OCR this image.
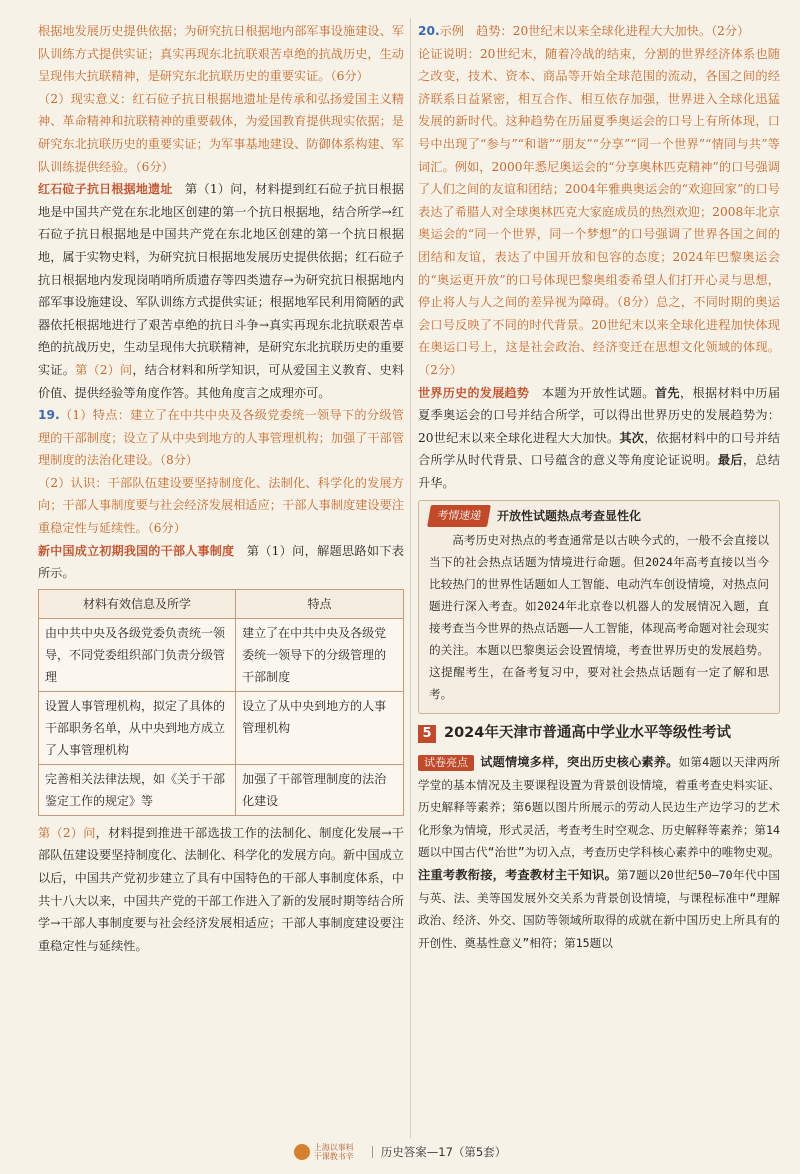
根据地发展历史提供依据；为研究抗日根据地内部军事设施建设、军队训练方式提供实证；真实再现东北抗联艰苦卓绝的抗战历史，生动呈现伟大抗联精神，是研究东北抗联历史的重要实证。（6分）

（2）现实意义：红石砬子抗日根据地遗址是传承和弘扬爱国主义精神、革命精神和抗联精神的重要载体，为爱国教育提供现实依据；是研究东北抗联历史的重要实证；为军事基地建设、防御体系构建、军队训练提供经验。（6分）

红石砬子抗日根据地遗址　 第（1）问，材料提到红石砬子抗日根据地是中国共产党在东北地区创建的第一个抗日根据地，结合所学→红石砬子抗日根据地是中国共产党在东北地区创建的第一个抗日根据地，属于实物史料，为研究抗日根据地发展历史提供依据；红石砬子抗日根据地内发现岗哨哨所质遗存等四类遗存→为研究抗日根据地内部军事设施建设、军队训练方式提供实证；根据地军民利用简陋的武器依托根据地进行了艰苦卓绝的抗日斗争→真实再现东北抗联艰苦卓绝的抗战历史，生动呈现伟大抗联精神，是研究东北抗联历史的重要实证。第（2）问，结合材料和所学知识，可从爱国主义教育、史料价值、提供经验等角度作答。其他角度言之成理亦可。

19.（1）特点：建立了在中共中央及各级党委统一领导下的分级管理的干部制度；设立了从中央到地方的人事管理机构；加强了干部管理制度的法治化建设。（8分）

（2）认识：干部队伍建设要坚持制度化、法制化、科学化的发展方向；干部人事制度要与社会经济发展相适应；干部人事制度建设要注重稳定性与延续性。（6分）

新中国成立初期我国的干部人事制度　 第（1）问，解题思路如下表所示。

材料有效信息及所学	特点
由中共中央及各级党委负责统一领导，不同党委组织部门负责分级管理	建立了在中共中央及各级党委统一领导下的分级管理的干部制度
设置人事管理机构，拟定了具体的干部职务名单，从中央到地方成立了人事管理机构	设立了从中央到地方的人事管理机构
完善相关法律法规，如《关于干部鉴定工作的规定》等	加强了干部管理制度的法治化建设

第（2）问，材料提到推进干部选拔工作的法制化、制度化发展→干部队伍建设要坚持制度化、法制化、科学化的发展方向。新中国成立以后，中国共产党初步建立了具有中国特色的干部人事制度体系，中共十八大以来，中国共产党的干部工作进入了新的发展时期等结合所学→干部人事制度要与社会经济发展相适应；干部人事制度建设要注重稳定性与延续性。

20.示例　趋势：20世纪末以来全球化进程大大加快。（2分）

论证说明：20世纪末，随着冷战的结束，分割的世界经济体系也随之改变，技术、资本、商品等开始全球范围的流动，各国之间的经济联系日益紧密，相互合作、相互依存加强，世界进入全球化迅猛发展的新时代。这种趋势在历届夏季奥运会的口号上有所体现，口号中出现了“参与”“和谐”“朋友”“分享”“同一个世界”“情同与共”等词汇。例如，2000年悉尼奥运会的“分享奥林匹克精神”的口号强调了人们之间的友谊和团结；2004年雅典奥运会的“欢迎回家”的口号表达了希腊人对全球奥林匹克大家庭成员的热烈欢迎；2008年北京奥运会的“同一个世界，同一个梦想”的口号强调了世界各国之间的团结和友谊，表达了中国开放和包容的态度；2024年巴黎奥运会的“奥运更开放”的口号体现巴黎奥组委希望人们打开心灵与思想，停止将人与人之间的差异视为障碍。（8分）总之，不同时期的奥运会口号反映了不同的时代背景。20世纪末以来全球化进程加快体现在奥运口号上，这是社会政治、经济变迁在思想文化领域的体现。（2分）

世界历史的发展趋势　 本题为开放性试题。首先，根据材料中历届夏季奥运会的口号并结合所学，可以得出世界历史的发展趋势为：20世纪末以来全球化进程大大加快。其次，依据材料中的口号并结合所学从时代背景、口号蕴含的意义等角度论证说明。最后，总结升华。

考情速递	开放性试题热点考查显性化

高考历史对热点的考查通常是以古映今式的，一般不会直接以当下的社会热点话题为情境进行命题。但2024年高考直接以当今比较热门的世界性话题如人工智能、电动汽车创设情境，对热点问题进行深入考查。如2024年北京卷以机器人的发展情况入题，直接考查当今世界的热点话题——人工智能，体现高考命题对社会现实的关注。本题以巴黎奥运会设置情境，考查世界历史的发展趋势。这提醒考生，在备考复习中，要对社会热点话题有一定了解和思考。

5 2024年天津市普通高中学业水平等级性考试

试卷亮点 试题情境多样，突出历史核心素养。如第4题以天津两所学堂的基本情况及主要课程设置为背景创设情境，着重考查史料实证、历史解释等素养；第6题以图片所展示的劳动人民边生产边学习的艺术化形象为情境，形式灵活，考查考生时空观念、历史解释等素养；第14题以中国古代“治世”为切入点，考查历史学科核心素养中的唯物史观。

注重考教衔接，考查教材主干知识。第7题以20世纪50—70年代中国与英、法、美等国发展外交关系为背景创设情境，与课程标准中“理解政治、经济、外交、国防等领域所取得的成就在新中国历史上所具有的开创性、奠基性意义”相符；第15题以

上海以事料
干课教书辛 历史答案—17（第5套）
